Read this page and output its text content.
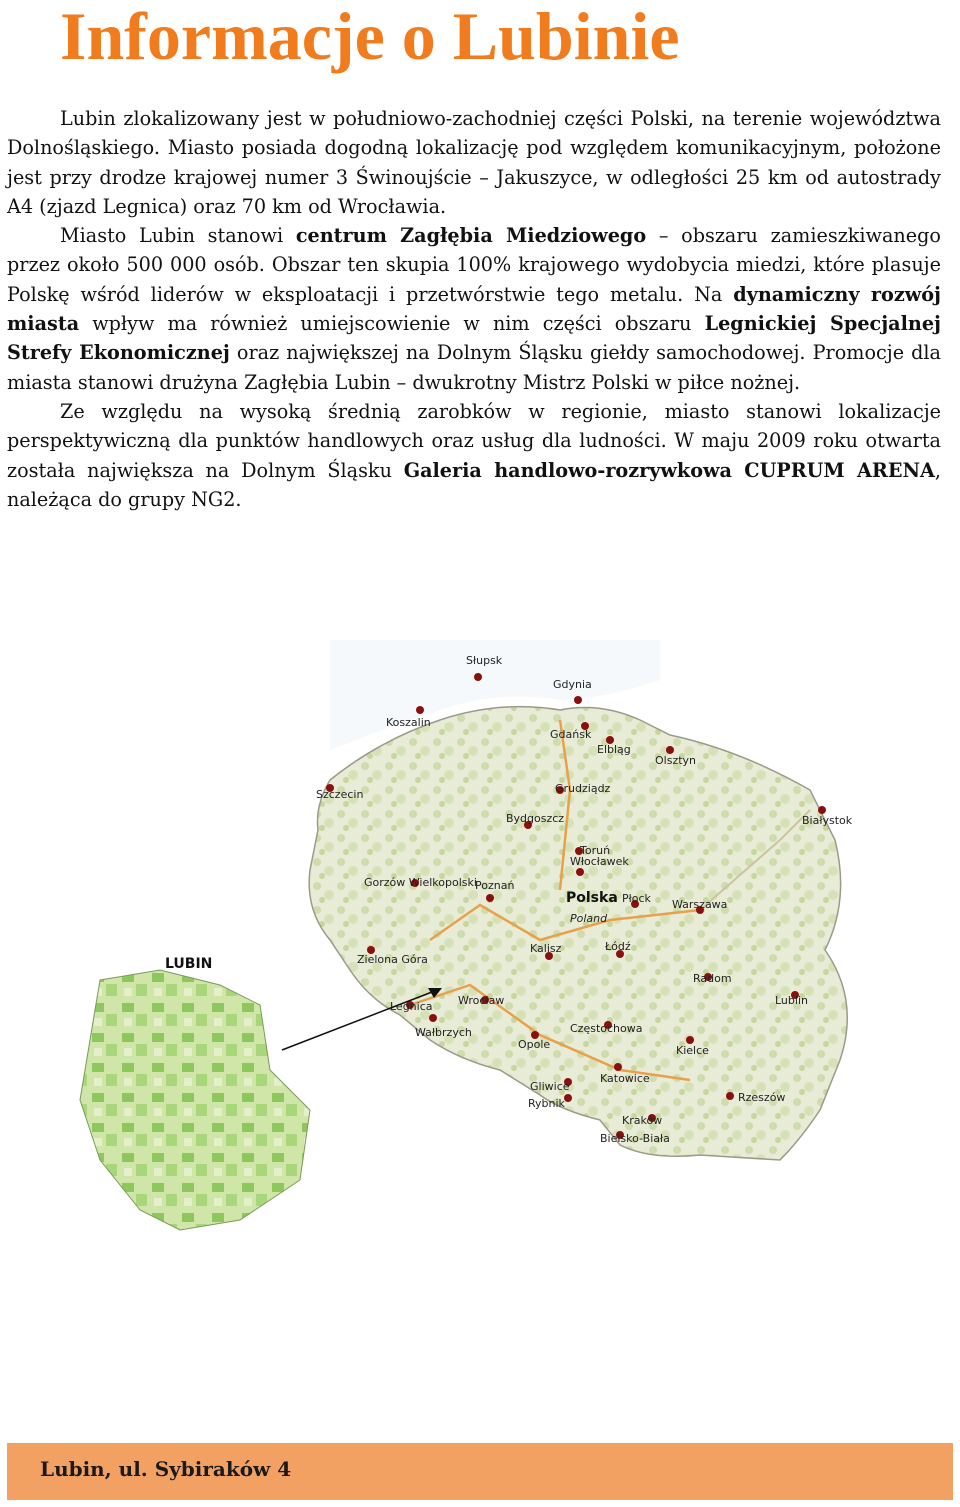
Informacje o Lubinie

Lubin zlokalizowany jest w południowo-zachodniej części Polski, na terenie województwa Dolnośląskiego. Miasto posiada dogodną lokalizację pod względem komunikacyjnym, położone jest przy drodze krajowej numer 3 Świnoujście – Jakuszyce, w odległości 25 km od autostrady A4 (zjazd Legnica) oraz 70 km od Wrocławia.

Miasto Lubin stanowi centrum Zagłębia Miedziowego – obszaru zamieszkiwanego przez około 500 000 osób. Obszar ten skupia 100% krajowego wydobycia miedzi, które plasuje Polskę wśród liderów w eksploatacji i przetwórstwie tego metalu. Na dynamiczny rozwój miasta wpływ ma również umiejscowienie w nim części obszaru Legnickiej Specjalnej Strefy Ekonomicznej oraz największej na Dolnym Śląsku giełdy samochodowej. Promocje dla miasta stanowi drużyna Zagłębia Lubin – dwukrotny Mistrz Polski w piłce nożnej.

Ze względu na wysoką średnią zarobków w regionie, miasto stanowi lokalizacje perspektywiczną dla punktów handlowych oraz usług dla ludności. W maju 2009 roku otwarta została największa na Dolnym Śląsku Galeria handlowo-rozrywkowa CUPRUM ARENA, należąca do grupy NG2.

Polska
Poland
Słupsk
Gdynia
Koszalin
Gdańsk
Elbląg
Olsztyn
Szczecin	Grudziądz
Bydgoszcz	Białystok
Toruń
Włocławek
Gorzów Wielkopolski
Poznań
Płock Warszawa
Kalisz	Łódź
Zielona Góra
Radom
Legnica Wrocław	Lublin
Wałbrzych	Częstochowa
Opole	Kielce
Katowice
Gliwice
Rybnik	Rzeszów
Kraków
Bielsko-Biała
LUBIN
Lubin, ul. Sybiraków 4
